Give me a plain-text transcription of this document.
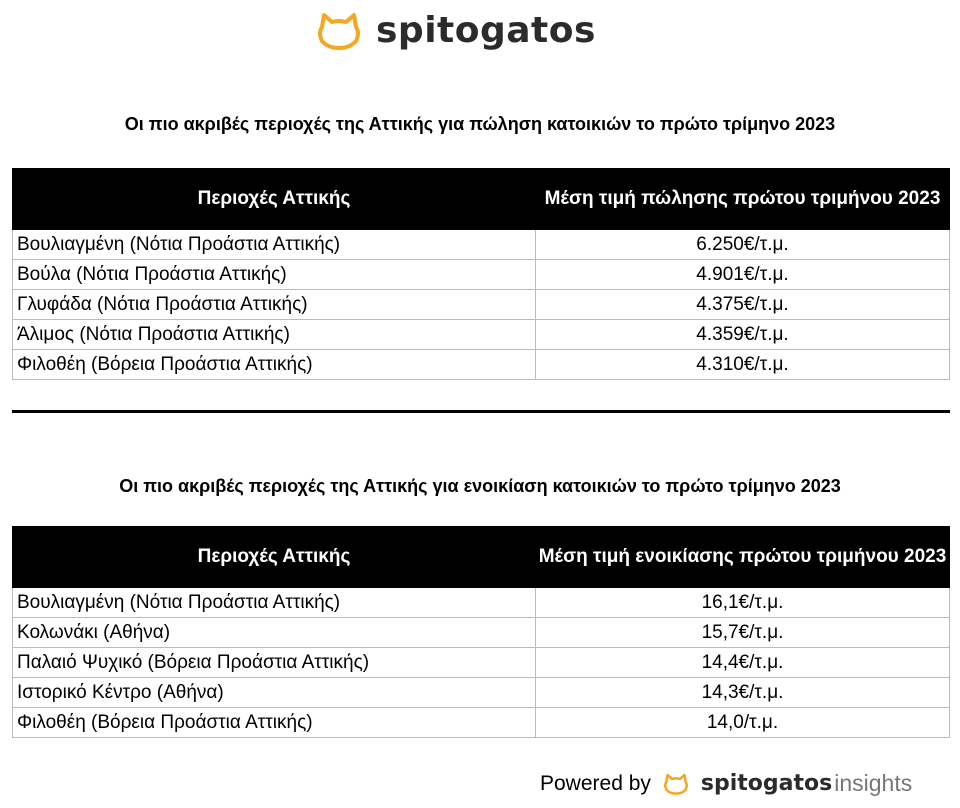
spitogatos
Οι πιο ακριβές περιοχές της Αττικής για πώληση κατοικιών το πρώτο τρίμηνο 2023
Περιοχές Αττικής	Μέση τιμή πώλησης πρώτου τριμήνου 2023
Βουλιαγμένη (Νότια Προάστια Αττικής)	6.250€/τ.μ.
Βούλα (Νότια Προάστια Αττικής)	4.901€/τ.μ.
Γλυφάδα (Νότια Προάστια Αττικής)	4.375€/τ.μ.
Άλιμος (Νότια Προάστια Αττικής)	4.359€/τ.μ.
Φιλοθέη (Βόρεια Προάστια Αττικής)	4.310€/τ.μ.
Οι πιο ακριβές περιοχές της Αττικής για ενοικίαση κατοικιών το πρώτο τρίμηνο 2023
Περιοχές Αττικής	Μέση τιμή ενοικίασης πρώτου τριμήνου 2023
Βουλιαγμένη (Νότια Προάστια Αττικής)	16,1€/τ.μ.
Κολωνάκι (Αθήνα)	15,7€/τ.μ.
Παλαιό Ψυχικό (Βόρεια Προάστια Αττικής)	14,4€/τ.μ.
Ιστορικό Κέντρο (Αθήνα)	14,3€/τ.μ.
Φιλοθέη (Βόρεια Προάστια Αττικής)	14,0/τ.μ.
Powered by spitogatos insights
